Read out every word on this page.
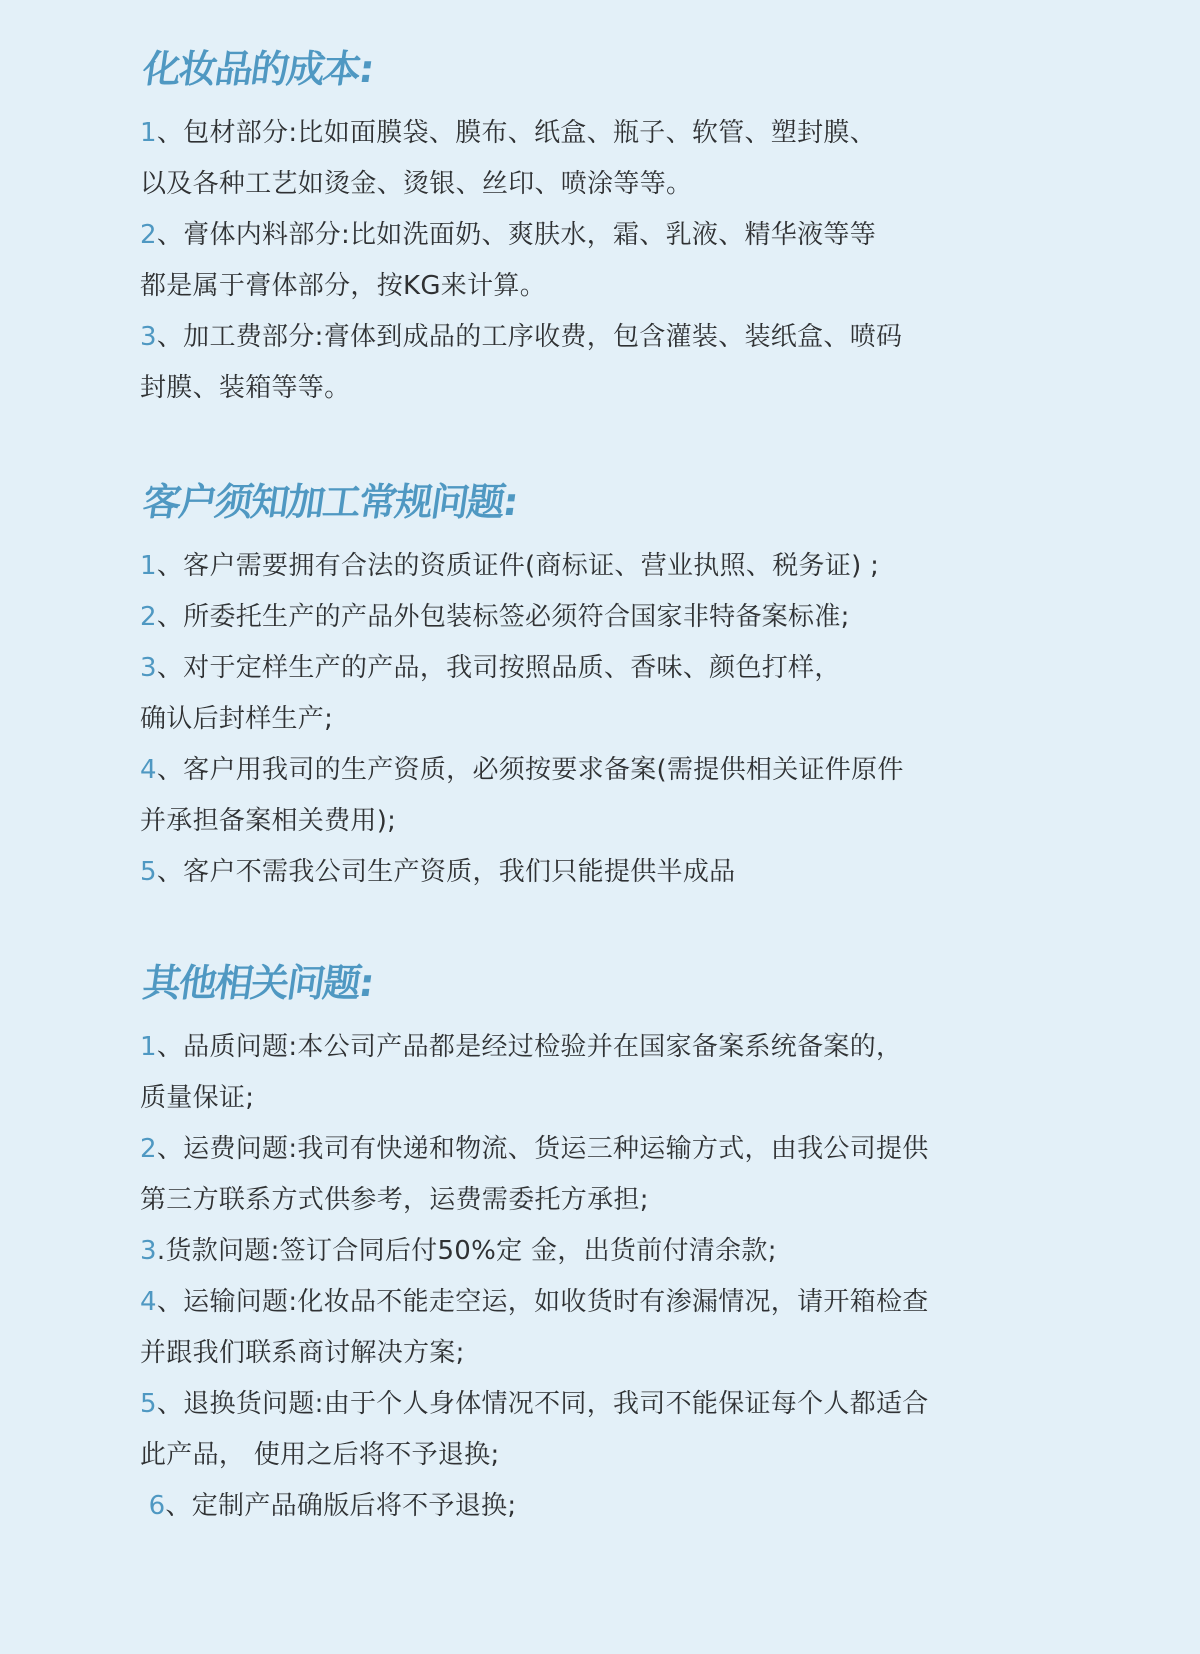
化妆品的成本:
1、包材部分:比如面膜袋、膜布、纸盒、瓶子、软管、塑封膜、
以及各种工艺如烫金、烫银、丝印、喷涂等等。
2、膏体内料部分:比如洗面奶、爽肤水，霜、乳液、精华液等等
都是属于膏体部分，按KG来计算。
3、加工费部分:膏体到成品的工序收费，包含灌装、装纸盒、喷码
封膜、装箱等等。
客户须知加工常规问题:
1、客户需要拥有合法的资质证件(商标证、营业执照、税务证) ;
2、所委托生产的产品外包装标签必须符合国家非特备案标准;
3、对于定样生产的产品，我司按照品质、香味、颜色打样，
确认后封样生产;
4、客户用我司的生产资质，必须按要求备案(需提供相关证件原件
并承担备案相关费用);
5、客户不需我公司生产资质，我们只能提供半成品
其他相关问题:
1、品质问题:本公司产品都是经过检验并在国家备案系统备案的，
质量保证;
2、运费问题:我司有快递和物流、货运三种运输方式，由我公司提供
第三方联系方式供参考，运费需委托方承担;
3.货款问题:签订合同后付50%定 金，出货前付清余款;
4、运输问题:化妆品不能走空运，如收货时有渗漏情况，请开箱检查
并跟我们联系商讨解决方案;
5、退换货问题:由于个人身体情况不同，我司不能保证每个人都适合
此产品， 使用之后将不予退换;
6、定制产品确版后将不予退换;
